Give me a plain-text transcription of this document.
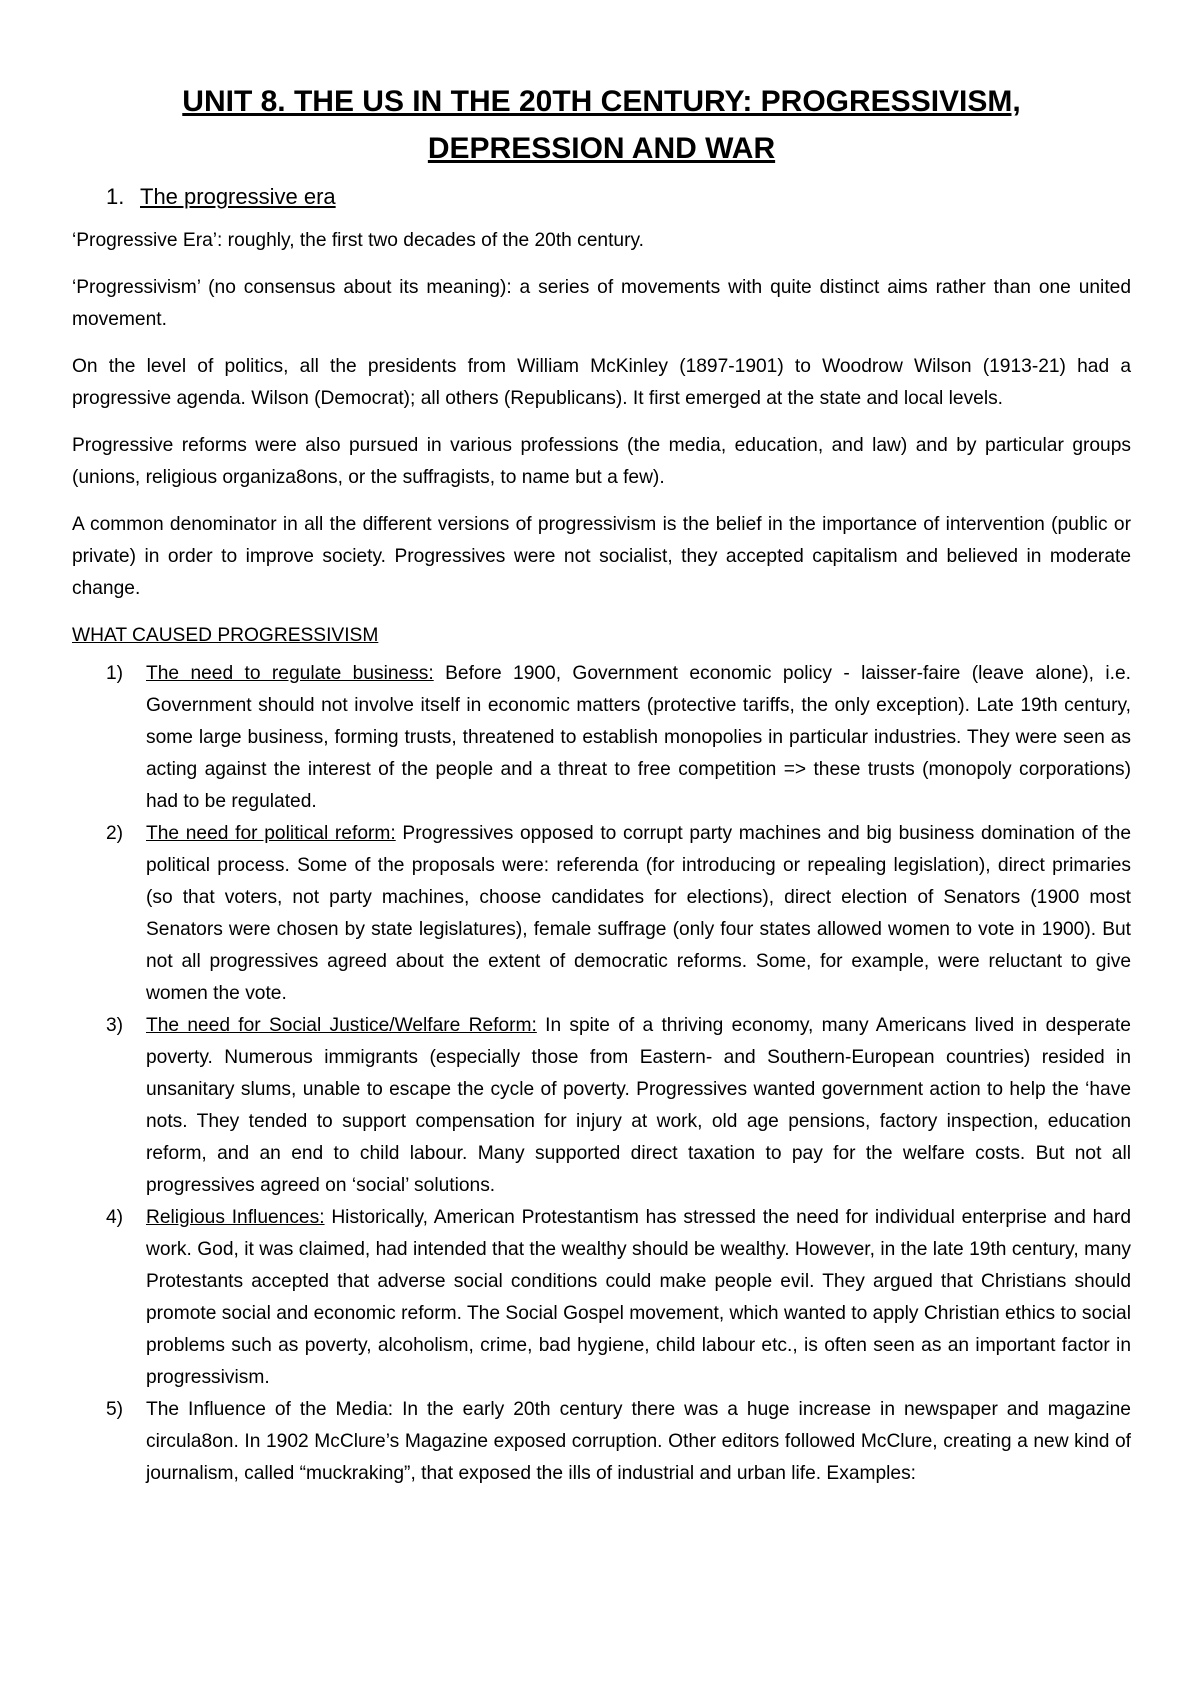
UNIT 8. THE US IN THE 20TH CENTURY: PROGRESSIVISM,
DEPRESSION AND WAR
1. The progressive era

‘Progressive Era’: roughly, the first two decades of the 20th century.

‘Progressivism’ (no consensus about its meaning): a series of movements with quite distinct aims rather than one united movement.

On the level of politics, all the presidents from William McKinley (1897-1901) to Woodrow Wilson (1913-21) had a progressive agenda. Wilson (Democrat); all others (Republicans). It first emerged at the state and local levels.

Progressive reforms were also pursued in various professions (the media, education, and law) and by particular groups (unions, religious organiza8ons, or the suffragists, to name but a few).

A common denominator in all the different versions of progressivism is the belief in the importance of intervention (public or private) in order to improve society. Progressives were not socialist, they accepted capitalism and believed in moderate change.

WHAT CAUSED PROGRESSIVISM
1) The need to regulate business: Before 1900, Government economic policy - laisser-faire (leave alone), i.e. Government should not involve itself in economic matters (protective tariffs, the only exception). Late 19th century, some large business, forming trusts, threatened to establish monopolies in particular industries. They were seen as acting against the interest of the people and a threat to free competition => these trusts (monopoly corporations) had to be regulated.
2) The need for political reform: Progressives opposed to corrupt party machines and big business domination of the political process. Some of the proposals were: referenda (for introducing or repealing legislation), direct primaries (so that voters, not party machines, choose candidates for elections), direct election of Senators (1900 most Senators were chosen by state legislatures), female suffrage (only four states allowed women to vote in 1900). But not all progressives agreed about the extent of democratic reforms. Some, for example, were reluctant to give women the vote.
3) The need for Social Justice/Welfare Reform: In spite of a thriving economy, many Americans lived in desperate poverty. Numerous immigrants (especially those from Eastern- and Southern-European countries) resided in unsanitary slums, unable to escape the cycle of poverty. Progressives wanted government action to help the ‘have nots. They tended to support compensation for injury at work, old age pensions, factory inspection, education reform, and an end to child labour. Many supported direct taxation to pay for the welfare costs. But not all progressives agreed on ‘social’ solutions.
4) Religious Influences: Historically, American Protestantism has stressed the need for individual enterprise and hard work. God, it was claimed, had intended that the wealthy should be wealthy. However, in the late 19th century, many Protestants accepted that adverse social conditions could make people evil. They argued that Christians should promote social and economic reform. The Social Gospel movement, which wanted to apply Christian ethics to social problems such as poverty, alcoholism, crime, bad hygiene, child labour etc., is often seen as an important factor in progressivism.
5) The Influence of the Media: In the early 20th century there was a huge increase in newspaper and magazine circula8on. In 1902 McClure’s Magazine exposed corruption. Other editors followed McClure, creating a new kind of journalism, called “muckraking”, that exposed the ills of industrial and urban life. Examples:
